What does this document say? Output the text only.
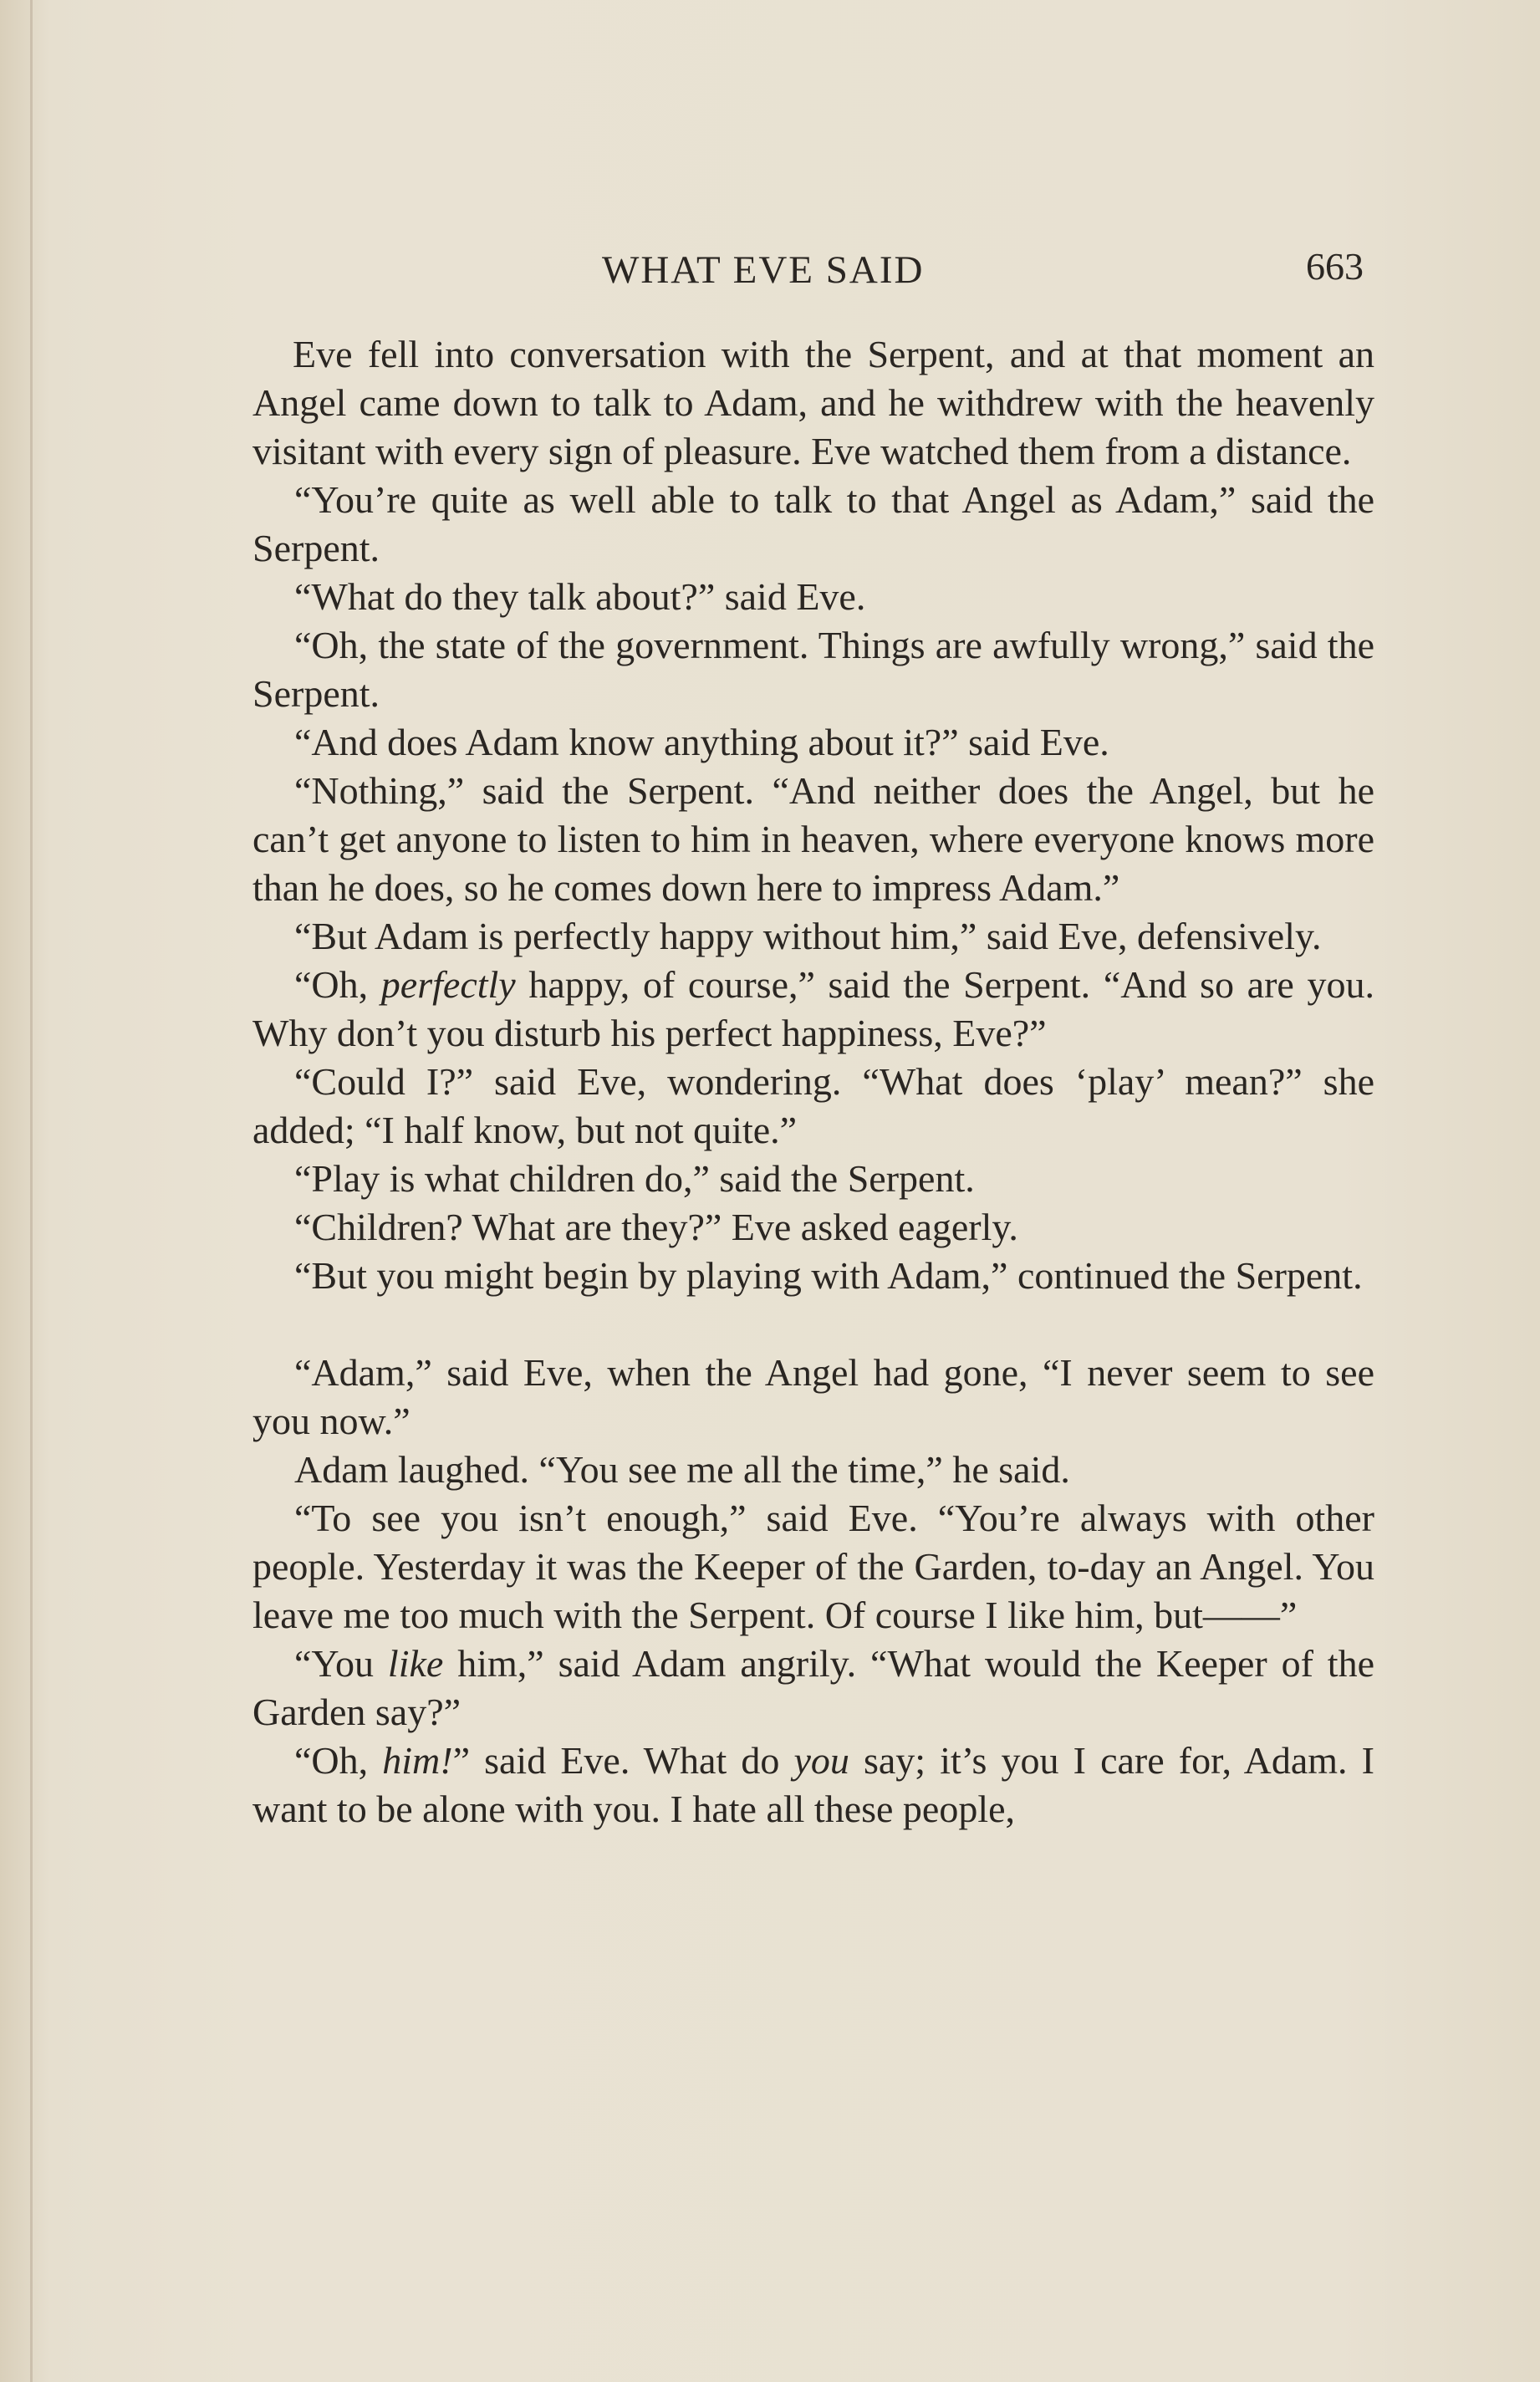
WHAT EVE SAID	663

Eve fell into conversation with the Serpent, and at that moment an Angel came down to talk to Adam, and he withdrew with the heavenly visitant with every sign of pleasure. Eve watched them from a distance.

“You’re quite as well able to talk to that Angel as Adam,” said the Serpent.

“What do they talk about?” said Eve.

“Oh, the state of the government. Things are awfully wrong,” said the Serpent.

“And does Adam know anything about it?” said Eve.

“Nothing,” said the Serpent. “And neither does the Angel, but he can’t get anyone to listen to him in heaven, where everyone knows more than he does, so he comes down here to impress Adam.”

“But Adam is perfectly happy without him,” said Eve, defensively.

“Oh, perfectly happy, of course,” said the Serpent. “And so are you. Why don’t you disturb his perfect happiness, Eve?”

“Could I?” said Eve, wondering. “What does ‘play’ mean?” she added; “I half know, but not quite.”

“Play is what children do,” said the Serpent.

“Children? What are they?” Eve asked eagerly.

“But you might begin by playing with Adam,” continued the Serpent.

“Adam,” said Eve, when the Angel had gone, “I never seem to see you now.”

Adam laughed. “You see me all the time,” he said.

“To see you isn’t enough,” said Eve. “You’re always with other people. Yesterday it was the Keeper of the Garden, to-day an Angel. You leave me too much with the Serpent. Of course I like him, but——”

“You like him,” said Adam angrily. “What would the Keeper of the Garden say?”

“Oh, him!” said Eve. What do you say; it’s you I care for, Adam. I want to be alone with you. I hate all these people,
